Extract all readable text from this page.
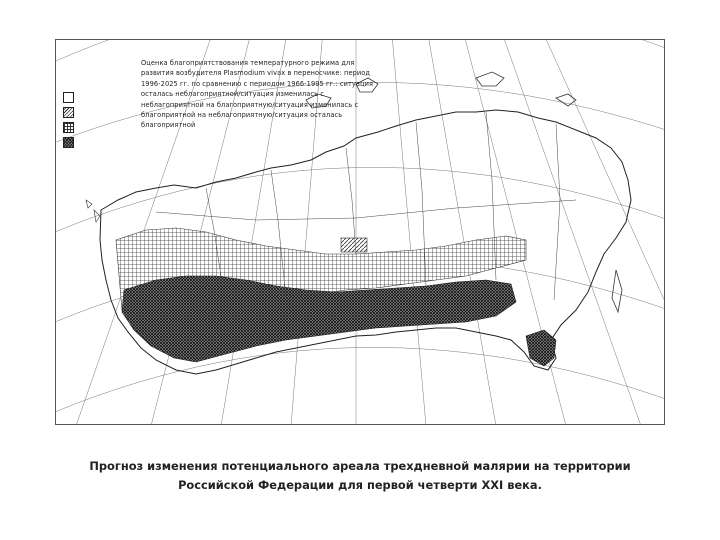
Оценка благоприятствования температурного режима для
развития возбудителя Plasmodium vivax в переносчике: период
1996-2025 гг. по сравнению с периодом 1966-1995 гг.: ситуация
осталась неблагоприятной/ситуация изменилась с
неблагоприятной на благоприятную/ситуация изменилась с
благоприятной на неблагоприятную/ситуация осталась
благоприятной
Прогноз изменения потенциального ареала трехдневной малярии на территории
Российской Федерации для первой четверти XXI века.
